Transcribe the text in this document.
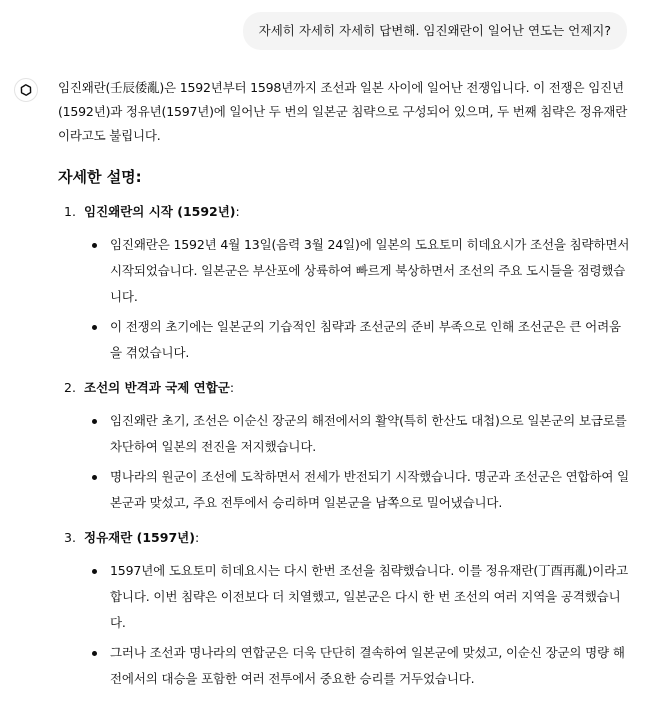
자세히 자세히 자세히 답변해. 임진왜란이 일어난 연도는 언제지?

임진왜란(壬辰倭亂)은 1592년부터 1598년까지 조선과 일본 사이에 일어난 전쟁입니다. 이 전쟁은 임진년(1592년)과 정유년(1597년)에 일어난 두 번의 일본군 침략으로 구성되어 있으며, 두 번째 침략은 정유재란이라고도 불립니다.

자세한 설명:
1. 임진왜란의 시작 (1592년):
임진왜란은 1592년 4월 13일(음력 3월 24일)에 일본의 도요토미 히데요시가 조선을 침략하면서 시작되었습니다. 일본군은 부산포에 상륙하여 빠르게 북상하면서 조선의 주요 도시들을 점령했습니다.
이 전쟁의 초기에는 일본군의 기습적인 침략과 조선군의 준비 부족으로 인해 조선군은 큰 어려움을 겪었습니다.
2. 조선의 반격과 국제 연합군:
임진왜란 초기, 조선은 이순신 장군의 해전에서의 활약(특히 한산도 대첩)으로 일본군의 보급로를 차단하여 일본의 전진을 저지했습니다.
명나라의 원군이 조선에 도착하면서 전세가 반전되기 시작했습니다. 명군과 조선군은 연합하여 일본군과 맞섰고, 주요 전투에서 승리하며 일본군을 남쪽으로 밀어냈습니다.
3. 정유재란 (1597년):
1597년에 도요토미 히데요시는 다시 한번 조선을 침략했습니다. 이를 정유재란(丁酉再亂)이라고 합니다. 이번 침략은 이전보다 더 치열했고, 일본군은 다시 한 번 조선의 여러 지역을 공격했습니다.
그러나 조선과 명나라의 연합군은 더욱 단단히 결속하여 일본군에 맞섰고, 이순신 장군의 명량 해전에서의 대승을 포함한 여러 전투에서 중요한 승리를 거두었습니다.
